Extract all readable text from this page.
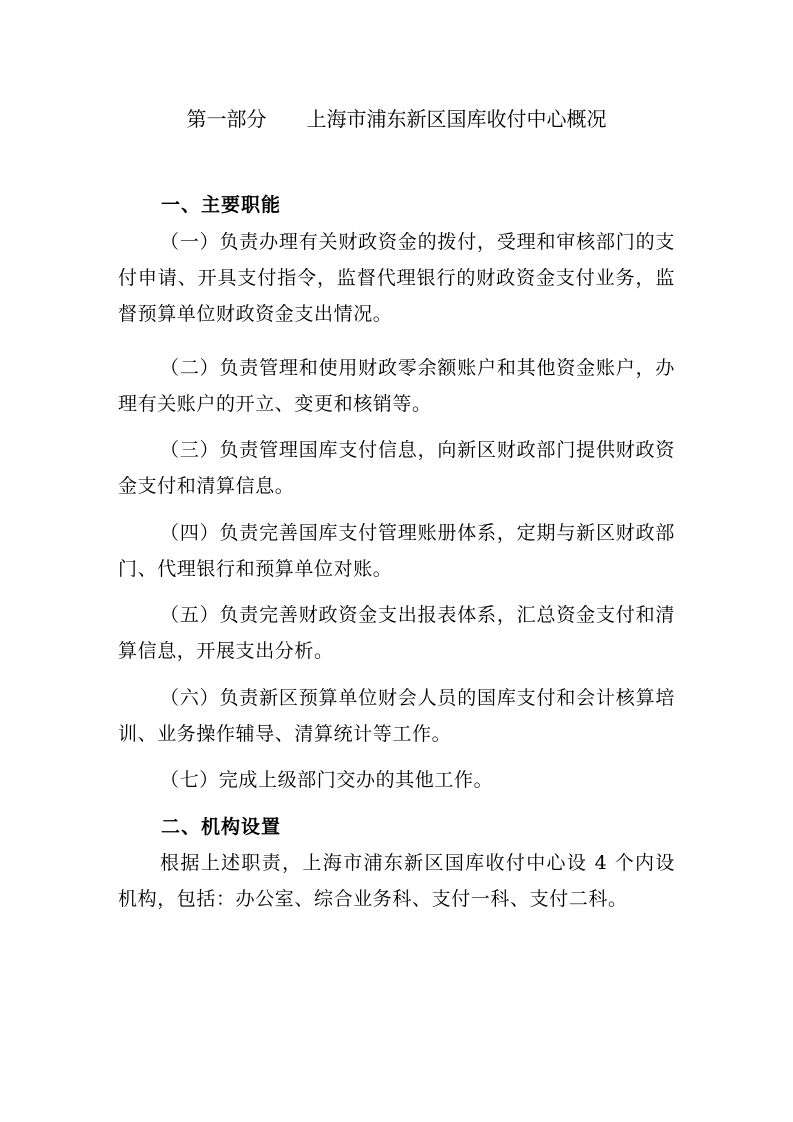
第一部分　　上海市浦东新区国库收付中心概况
一、主要职能
（一）负责办理有关财政资金的拨付，受理和审核部门的支付申请、开具支付指令，监督代理银行的财政资金支付业务，监督预算单位财政资金支出情况。
（二）负责管理和使用财政零余额账户和其他资金账户，办理有关账户的开立、变更和核销等。
（三）负责管理国库支付信息，向新区财政部门提供财政资金支付和清算信息。
（四）负责完善国库支付管理账册体系，定期与新区财政部门、代理银行和预算单位对账。
（五）负责完善财政资金支出报表体系，汇总资金支付和清算信息，开展支出分析。
（六）负责新区预算单位财会人员的国库支付和会计核算培训、业务操作辅导、清算统计等工作。
（七）完成上级部门交办的其他工作。
二、机构设置
根据上述职责，上海市浦东新区国库收付中心设 4 个内设机构，包括：办公室、综合业务科、支付一科、支付二科。
